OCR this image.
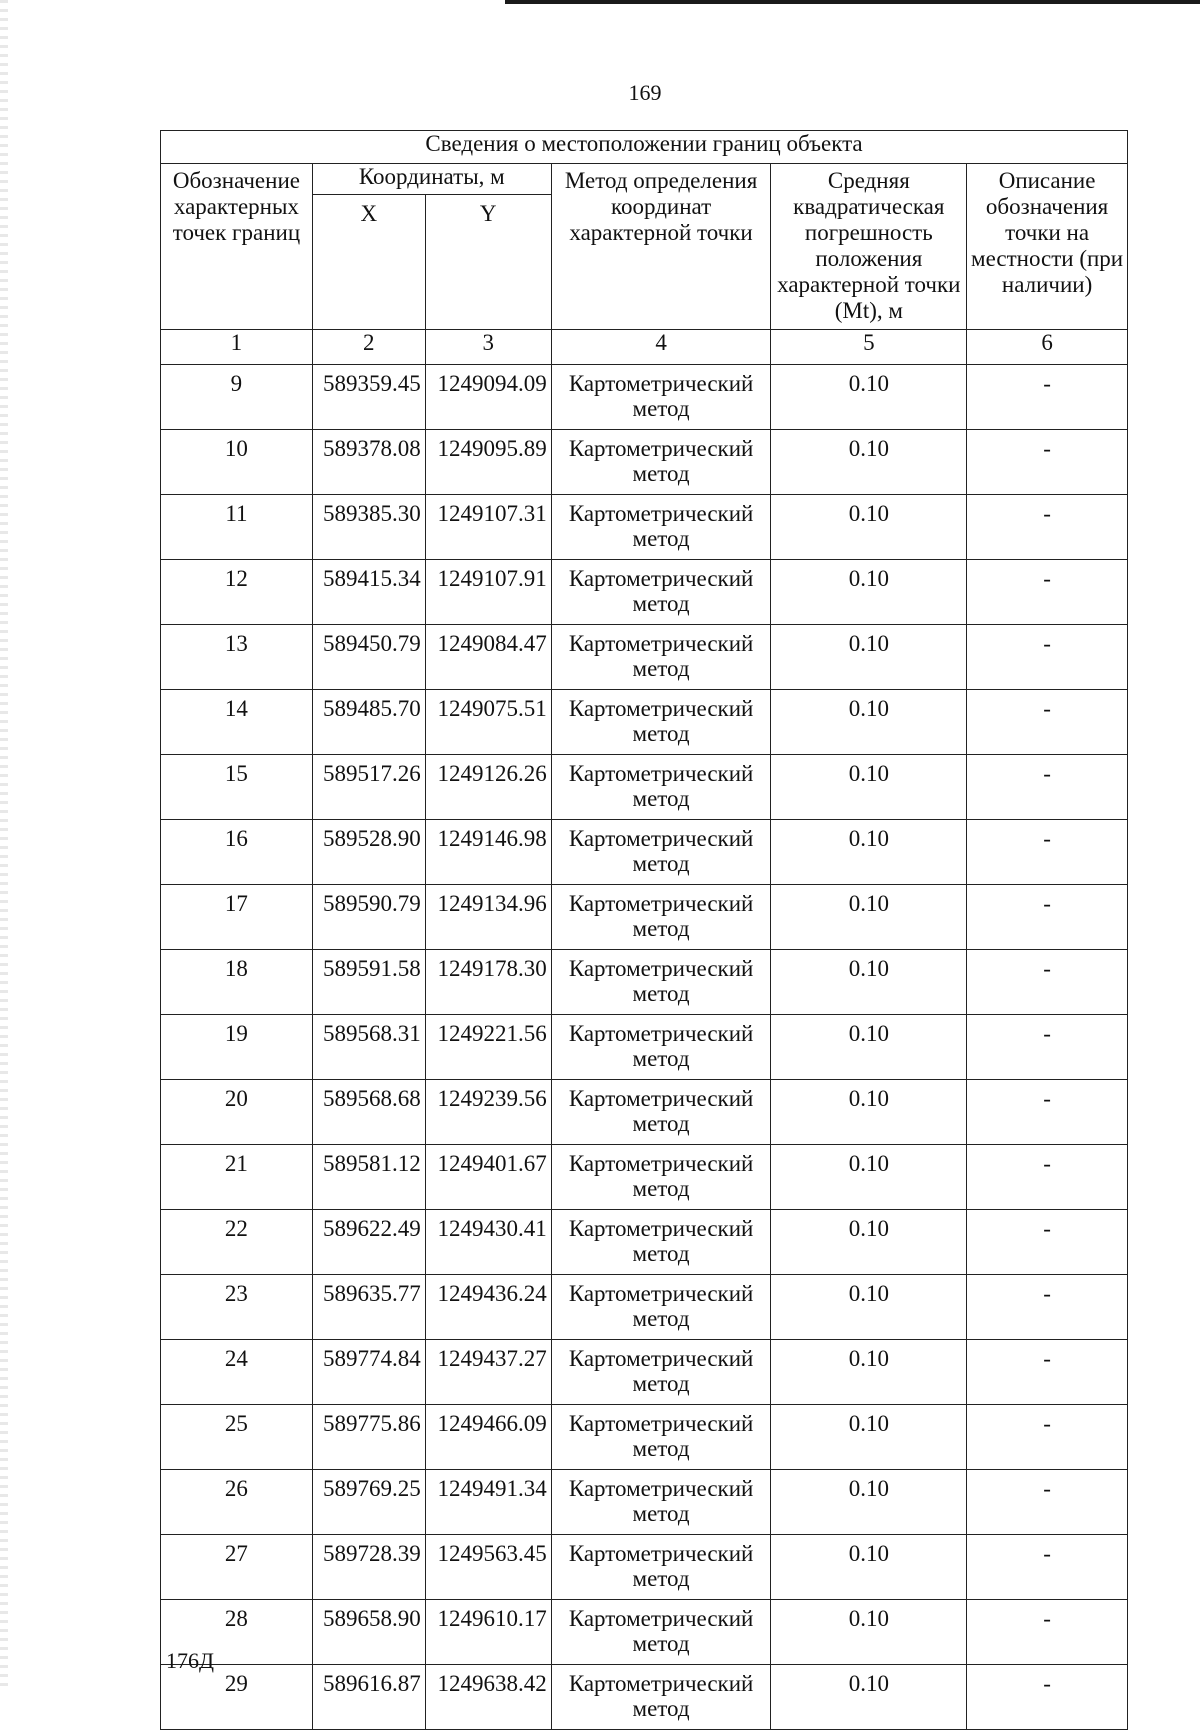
169
Сведения о местоположении границ объекта					
Обозначение характерных точек границ	Координаты, м		Метод определения координат характерной точки	Средняя квадратическая погрешность положения характерной точки (Mt), м	Описание обозначения точки на местности (при наличии)
	X	Y			
1	2	3	4	5	6
9	589359.45	1249094.09	Картометрический метод	0.10	-
10	589378.08	1249095.89	Картометрический метод	0.10	-
11	589385.30	1249107.31	Картометрический метод	0.10	-
12	589415.34	1249107.91	Картометрический метод	0.10	-
13	589450.79	1249084.47	Картометрический метод	0.10	-
14	589485.70	1249075.51	Картометрический метод	0.10	-
15	589517.26	1249126.26	Картометрический метод	0.10	-
16	589528.90	1249146.98	Картометрический метод	0.10	-
17	589590.79	1249134.96	Картометрический метод	0.10	-
18	589591.58	1249178.30	Картометрический метод	0.10	-
19	589568.31	1249221.56	Картометрический метод	0.10	-
20	589568.68	1249239.56	Картометрический метод	0.10	-
21	589581.12	1249401.67	Картометрический метод	0.10	-
22	589622.49	1249430.41	Картометрический метод	0.10	-
23	589635.77	1249436.24	Картометрический метод	0.10	-
24	589774.84	1249437.27	Картометрический метод	0.10	-
25	589775.86	1249466.09	Картометрический метод	0.10	-
26	589769.25	1249491.34	Картометрический метод	0.10	-
27	589728.39	1249563.45	Картометрический метод	0.10	-
28	589658.90	1249610.17	Картометрический метод	0.10	-
29	589616.87	1249638.42	Картометрический метод	0.10	-
176Д
